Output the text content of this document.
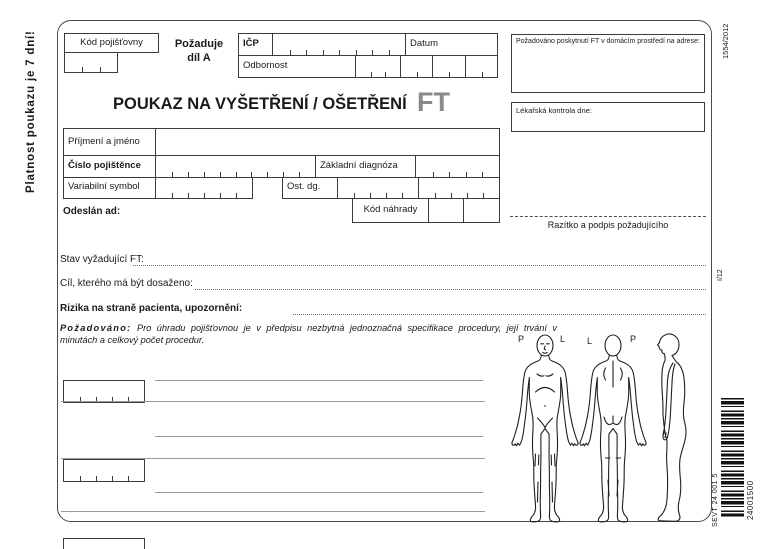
Platnost poukazu je 7 dní!	Kód pojišťovny	Požaduje
díl A
IČP	Datum
Odbornost
Požadováno poskytnutí FT v domácím prostředí na adrese:
Lékařská kontrola dne:
POUKAZ NA VYŠETŘENÍ / OŠETŘENÍ FT
Příjmení a jméno
Číslo pojištěnce	Základní diagnóza
Variabilní symbol	Ost. dg.
Kód náhrady
Odeslán ad:
Razítko a podpis požadujícího
Stav vyžadující FT:
Cíl, kterého má být dosaženo:
Rizika na straně pacienta, upozornění:
Požadováno: Pro úhradu pojišťovnou je v předpisu nezbytná jednoznačná specifikace procedury, její trvání v minutách a celkový počet procedur.	P	L L	P
1554/2012
I/12
SEVT 24 001 5	24001500
